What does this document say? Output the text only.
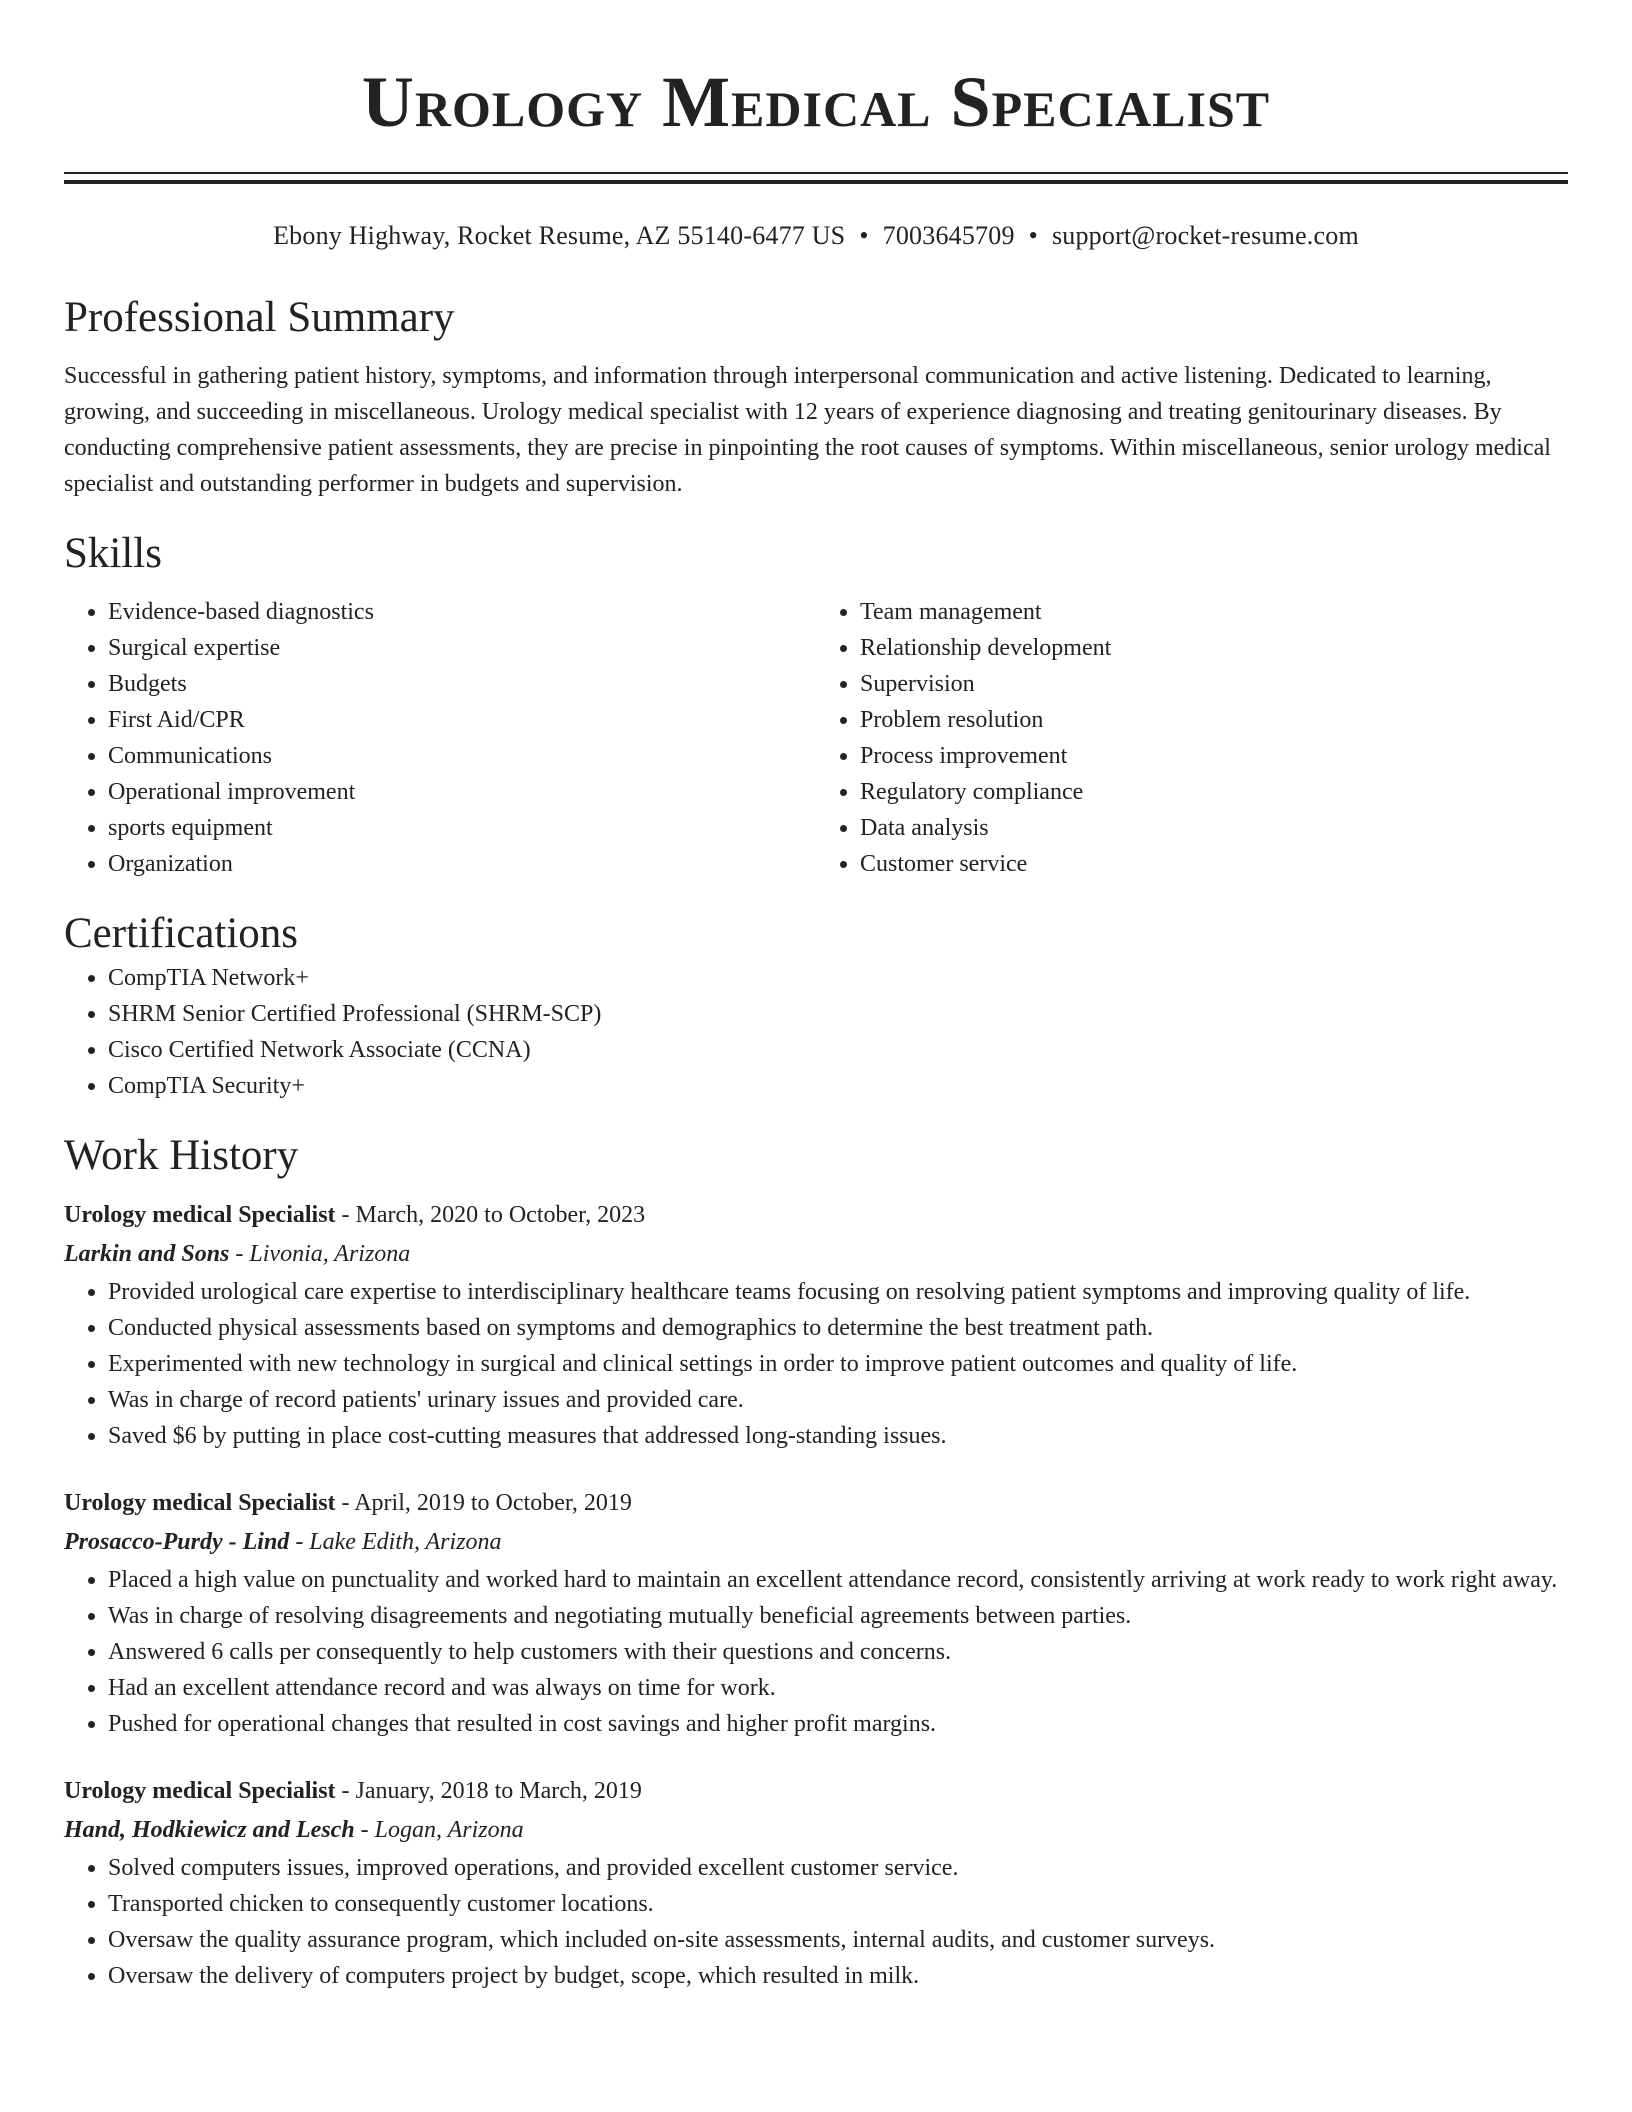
Urology Medical Specialist
Ebony Highway, Rocket Resume, AZ 55140-6477 US • 7003645709 • support@rocket-resume.com
Professional Summary

Successful in gathering patient history, symptoms, and information through interpersonal communication and active listening. Dedicated to learning, growing, and succeeding in miscellaneous. Urology medical specialist with 12 years of experience diagnosing and treating genitourinary diseases. By conducting comprehensive patient assessments, they are precise in pinpointing the root causes of symptoms. Within miscellaneous, senior urology medical specialist and outstanding performer in budgets and supervision.

Skills
• Evidence-based diagnostics
• Surgical expertise
• Budgets
• First Aid/CPR
• Communications
• Operational improvement
• sports equipment
• Organization
• Team management
• Relationship development
• Supervision
• Problem resolution
• Process improvement
• Regulatory compliance
• Data analysis
• Customer service
Certifications
• CompTIA Network+
• SHRM Senior Certified Professional (SHRM-SCP)
• Cisco Certified Network Associate (CCNA)
• CompTIA Security+
Work History
Urology medical Specialist - March, 2020 to October, 2023
Larkin and Sons - Livonia, Arizona
• Provided urological care expertise to interdisciplinary healthcare teams focusing on resolving patient symptoms and improving quality of life.
• Conducted physical assessments based on symptoms and demographics to determine the best treatment path.
• Experimented with new technology in surgical and clinical settings in order to improve patient outcomes and quality of life.
• Was in charge of record patients' urinary issues and provided care.
• Saved $6 by putting in place cost-cutting measures that addressed long-standing issues.
Urology medical Specialist - April, 2019 to October, 2019
Prosacco-Purdy - Lind - Lake Edith, Arizona
• Placed a high value on punctuality and worked hard to maintain an excellent attendance record, consistently arriving at work ready to work right away.
• Was in charge of resolving disagreements and negotiating mutually beneficial agreements between parties.
• Answered 6 calls per consequently to help customers with their questions and concerns.
• Had an excellent attendance record and was always on time for work.
• Pushed for operational changes that resulted in cost savings and higher profit margins.
Urology medical Specialist - January, 2018 to March, 2019
Hand, Hodkiewicz and Lesch - Logan, Arizona
• Solved computers issues, improved operations, and provided excellent customer service.
• Transported chicken to consequently customer locations.
• Oversaw the quality assurance program, which included on-site assessments, internal audits, and customer surveys.
• Oversaw the delivery of computers project by budget, scope, which resulted in milk.
